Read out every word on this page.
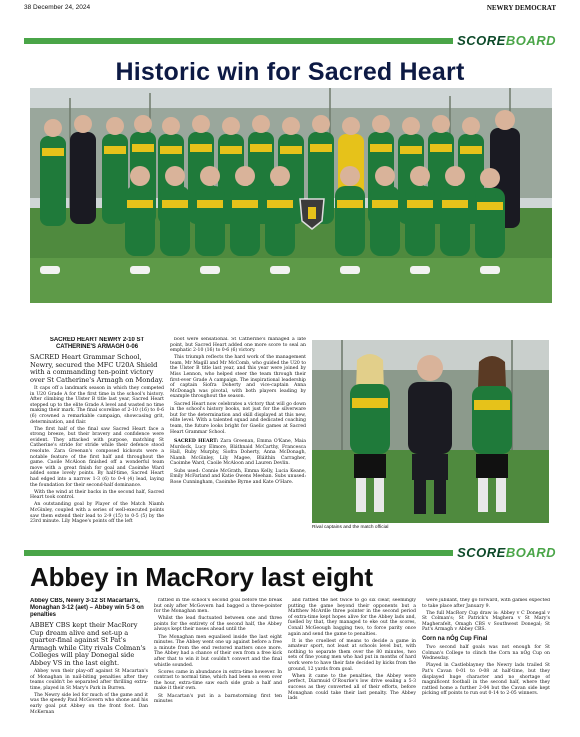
38 December 24, 2024	NEWRY DEMOCRAT
SCOREBOARD
Historic win for Sacred Heart
SACRED HEART NEWRY 2-10 ST CATHERINE'S ARMAGH 0-06
SACRED Heart Grammar School, Newry, secured the MFC U20A Shield with a commanding ten-point victory over St Catherine's Armagh on Monday.

It caps off a landmark season in which they competed in U20 Grade A for the first time in the school's history. After climbing the Ulster B title last year, Sacred Heart stepped up to the elite Grade A level and wasted no time making their mark. The final scoreline of 2-10 (16) to 0-6 (6) crowned a remarkable campaign, showcasing grit, determination, and flair.

The first half of the final saw Sacred Heart face a strong breeze, but their bravery and confidence were evident. They attacked with purpose, matching St Catherine's stride for stride while their defence stood resolute. Zara Greenan's composed kickouts were a notable feature of the first half and throughout the game. Caoile McAloon finished off a wonderful team move with a great finish for goal and Caoimhe Ward added some lovely points. By half-time, Sacred Heart had edged into a narrow 1-3 (6) to 0-4 (4) lead, laying the foundation for their second-half dominance.

With the wind at their backs in the second half, Sacred Heart took control.

An outstanding goal by Player of the Match Niamh McGinley, coupled with a series of well-executed points saw them extend their lead to 2-9 (15) to 0-5 (5) by the 23rd minute. Lily Magee's points off the left

boot were sensational. St Catherine's managed a late point, but Sacred Heart added one more score to seal an emphatic 2-10 (16) to 0-6 (6) victory.

This triumph reflects the hard work of the management team, Mr Magill and Mr McComb, who guided the U20 to the Ulster B title last year, and this year were joined by Miss Lennon, who helped steer the team through their first-ever Grade A campaign. The inspirational leadership of captain Siofra Doherty and vice-captain Anna McDonagh was pivotal, with both players leading by example throughout the season.

Sacred Heart now celebrates a victory that will go down in the school's history books, not just for the silverware but for the determination and skill displayed at this new, elite level. With a talented squad and dedicated coaching team, the future looks bright for Gaelic games at Sacred Heart Grammar School.

SACRED HEART: Zara Greenan, Emma O'Kane, Maia Murdock, Lucy Elmore, Bláthnaid McCarthy, Francesca Hall, Ruby Murphy, Siofra Doherty, Anna McDonagh, Niamh McGinley, Lily Magee, Bláithín Carragher, Caoimhe Ward, Caoile McAloon and Lauren Devlin.

Subs used: Connie McGrath, Emma Kelly, Lucia Keane, Emily McFarland and Katie Owens Meehan. Subs unused: Rose Cunningham, Caoimhe Byrne and Kate O'Hare.

Rival captains and the match official
SCOREBOARD
Abbey in MacRory last eight
Abbey CBS, Newry 3-12 St Macartan's, Monaghan 3-12 (aet) – Abbey win 5-3 on penalties
ABBEY CBS kept their MacRory Cup dream alive and set-up a quarter-final against St Pat's Armagh while City rivals Colman's Colleges will play Donegal side Abbey VS in the last eight.

Abbey won their play-off against St Macartan's of Monaghan in nail-biting penalties after they teams couldn't be separated after thrilling extra-time, played in St Mary's Park in Burren.

The Newry side led for much of the game and it was the speedy Paul McGovern who shone and his early goal put Abbey on the front foot. Dan McKernan

rattled in the school's second goal before the break but only after McGovern had bagged a three-pointer for the Monaghan men.

Whilst the lead fluctuated between one and three points for the entirety of the second half, the Abbey always kept their noses ahead until the

The Monaghan men equalised inside the last eight minutes. The Abbey went one up against before a free a minute from the end restored matters once more. The Abbey had a chance of their own from a free kick after that to win it but couldn't convert and the final whistle sounded.

Scores came in abundance in extra-time however. In contrast to normal time, which had been so even over the hour, extra-time saw each side grab a half and make it their own.

St Macartan's put in a barnstorming first ten minutes

and rattled the net twice to go six clear, seemingly putting the game beyond their opponents but a Matthew McArdle three pointer in the second period of extra-time kept hopes alive for the Abbey lads and, fuelled by that, they managed to eke out the scores, Conall McGeough bagging two, to force parity once again and send the game to penalties.

It is the cruellest of means to decide a game in amateur sport, not least at schools level but, with nothing to separate them over the 80 minutes, two sets of fine young men who had put in months of hard work were to have their fate decided by kicks from the ground, 12 yards from goal.

When it came to the penalties, the Abbey were perfect, Diarmuid O'Rourke's low drive sealing a 5-3 success as they converted all of their efforts, before Monaghan could take their last penalty. The Abbey lads

were jubilant, they go forward, with games expected to take place after January 9.

The full MacRory Cup draw is: Abbey v C Donegal v St Colman's; St Patrick's Maghera v St Mary's Magherafelt, Omagh CBS v Southwest Donegal; St Pat's Armagh v Abbey CBS.

Corn na nÓg Cup Final

Two second half goals was not enough for St Colman's College to clinch the Corn na nÓg Cup on Wednesday.

Played in Castleblayney the Newry lads trailed St Pat's Cavan 0-01 to 0-08 at half-time, but they displayed huge character and no shortage of magnificent football in the second half, where they rattled home a further 2-04 but the Cavan side kept picking off points to run out 0-14 to 2-05 winners.
